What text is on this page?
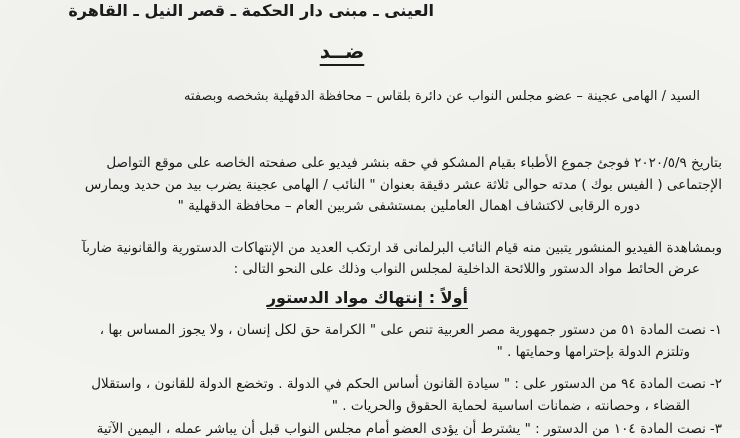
العينى ـ مبنى دار الحكمة ـ قصر النيل ـ القاهرة
ضــد
السيد / الهامى عجينة – عضو مجلس النواب عن دائرة بلقاس – محافظة الدقهلية بشخصه وبصفته
بتاريخ ٢٠٢٠/٥/٩ فوجئ جموع الأطباء بقيام المشكو في حقه بنشر فيديو على صفحته الخاصه على موقع التواصل
الإجتماعى ( الفيس بوك ) مدته حوالى ثلاثة عشر دقيقة بعنوان " النائب / الهامى عجينة يضرب بيد من حديد ويمارس
دوره الرقابى لاكتشاف اهمال العاملين بمستشفى شربين العام – محافظة الدقهلية "
وبمشاهدة الفيديو المنشور يتبين منه قيام النائب البرلمانى قد ارتكب العديد من الإنتهاكات الدستورية والقانونية ضاربآ
عرض الحائط مواد الدستور واللائحة الداخلية لمجلس النواب وذلك على النحو التالى :
أولاً : إنتهاك مواد الدستور
١-نصت المادة ٥١ من دستور جمهورية مصر العربية تنص على " الكرامة حق لكل إنسان ، ولا يجوز المساس بها ،
وتلتزم الدولة بإحترامها وحمايتها . "
٢-نصت المادة ٩٤ من الدستور على : " سيادة القانون أساس الحكم في الدولة . وتخضع الدولة للقانون ، واستقلال
القضاء ، وحصانته ، ضمانات اساسية لحماية الحقوق والحريات . "
٣-نصت المادة ١٠٤ من الدستور : " يشترط أن يؤدى العضو أمام مجلس النواب قبل أن يباشر عمله ، اليمين الآتية
